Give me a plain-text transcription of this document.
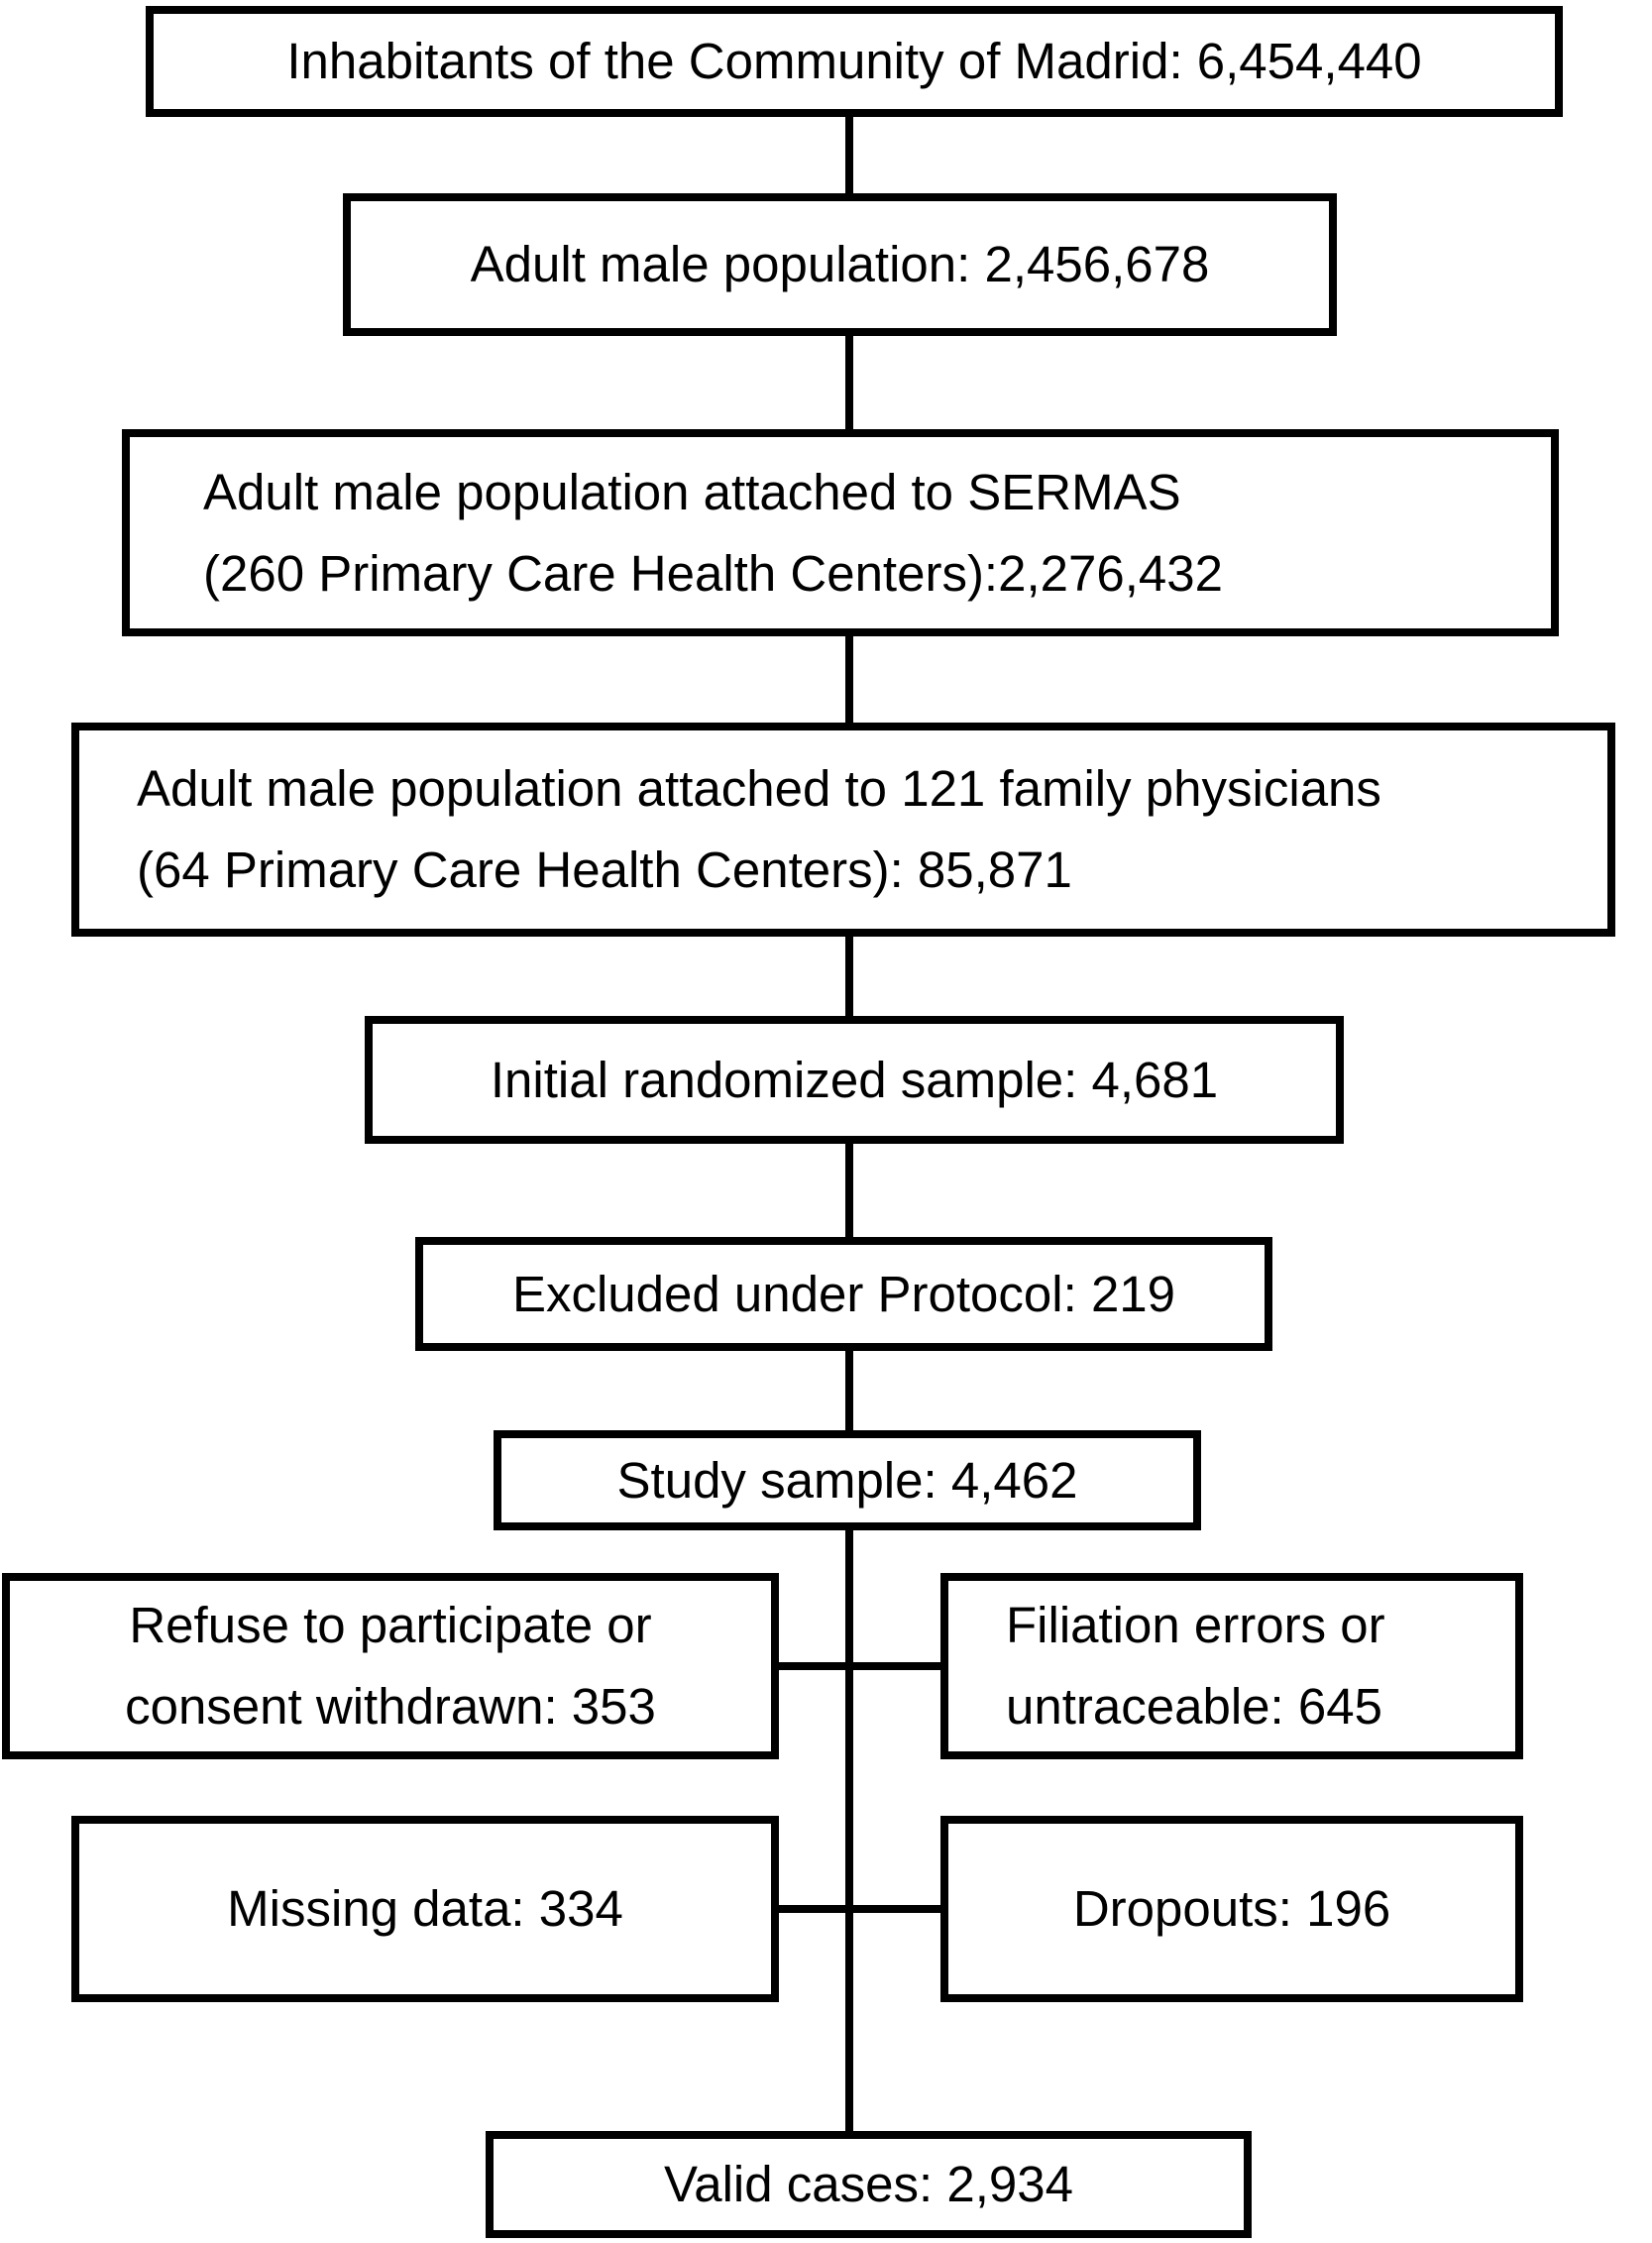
Inhabitants of the Community of Madrid: 6,454,440
Adult male population: 2,456,678
Adult male population attached to SERMAS
(260 Primary Care Health Centers):2,276,432
Adult male population attached to 121 family physicians
(64 Primary Care Health Centers): 85,871
Initial randomized sample: 4,681
Excluded under Protocol: 219
Study sample: 4,462
Refuse to participate or
consent withdrawn: 353
Filiation errors or
untraceable: 645
Missing data: 334	Dropouts: 196
Valid cases: 2,934
